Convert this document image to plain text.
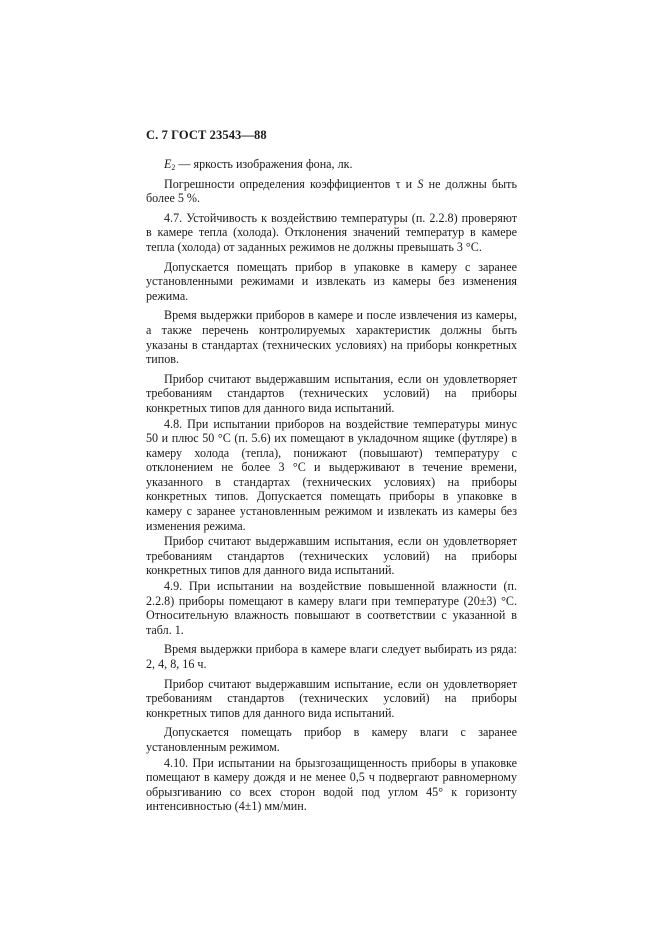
С. 7 ГОСТ 23543—88

$E_2$ — яркость изображения фона, лк.

Погрешности определения коэффициентов τ и S не должны быть более 5 %.

4.7. Устойчивость к воздействию температуры (п. 2.2.8) проверяют в камере тепла (холода). Отклонения значений температур в камере тепла (холода) от заданных режимов не должны превышать 3 °С.

Допускается помещать прибор в упаковке в камеру с заранее установленными режимами и извлекать из камеры без изменения режима.

Время выдержки приборов в камере и после извлечения из камеры, а также перечень контролируемых характеристик должны быть указаны в стандартах (технических условиях) на приборы конкретных типов.

Прибор считают выдержавшим испытания, если он удовлетворяет требованиям стандартов (технических условий) на приборы конкретных типов для данного вида испытаний.

4.8. При испытании приборов на воздействие температуры минус 50 и плюс 50 °С (п. 5.6) их помещают в укладочном ящике (футляре) в камеру холода (тепла), понижают (повышают) температуру с отклонением не более 3 °С и выдерживают в течение времени, указанного в стандартах (технических условиях) на приборы конкретных типов. Допускается помещать приборы в упаковке в камеру с заранее установленным режимом и извлекать из камеры без изменения режима.

Прибор считают выдержавшим испытания, если он удовлетворяет требованиям стандартов (технических условий) на приборы конкретных типов для данного вида испытаний.

4.9. При испытании на воздействие повышенной влажности (п. 2.2.8) приборы помещают в камеру влаги при температуре (20±3) °С. Относительную влажность повышают в соответствии с указанной в табл. 1.

Время выдержки прибора в камере влаги следует выбирать из ряда: 2, 4, 8, 16 ч.

Прибор считают выдержавшим испытание, если он удовлетворяет требованиям стандартов (технических условий) на приборы конкретных типов для данного вида испытаний.

Допускается помещать прибор в камеру влаги с заранее установленным режимом.

4.10. При испытании на брызгозащищенность приборы в упаковке помещают в камеру дождя и не менее 0,5 ч подвергают равномерному обрызгиванию со всех сторон водой под углом 45° к горизонту интенсивностью (4±1) мм/мин.
